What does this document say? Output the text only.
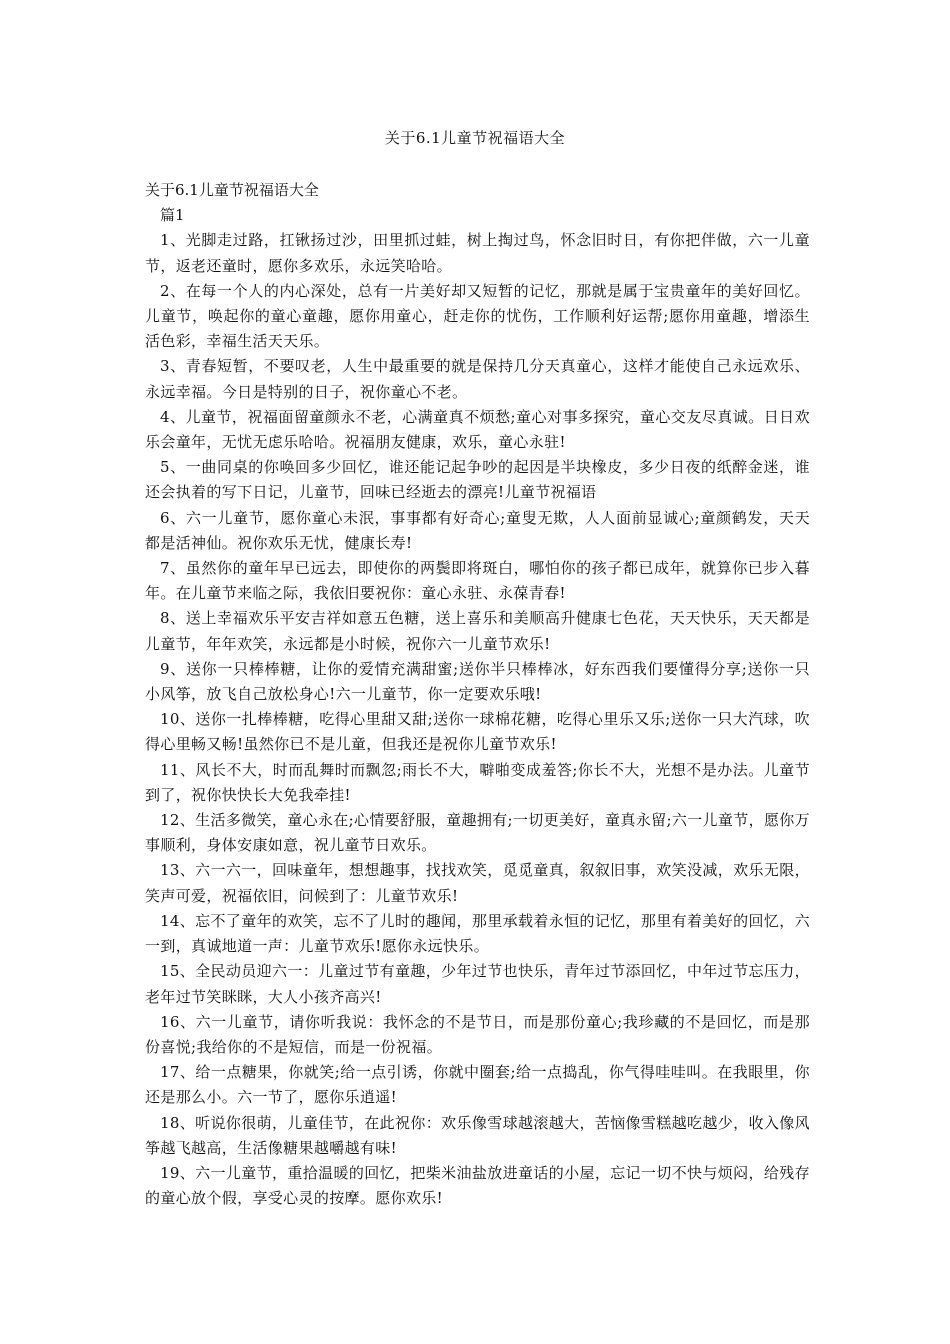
关于6.1儿童节祝福语大全

关于6.1儿童节祝福语大全

篇1

1、光脚走过路，扛锹扬过沙，田里抓过蛙，树上掏过鸟，怀念旧时日，有你把伴做，六一儿童节，返老还童时，愿你多欢乐，永远笑哈哈。

2、在每一个人的内心深处，总有一片美好却又短暂的记忆，那就是属于宝贵童年的美好回忆。儿童节，唤起你的童心童趣，愿你用童心，赶走你的忧伤，工作顺利好运帮;愿你用童趣，增添生活色彩，幸福生活天天乐。

3、青春短暂，不要叹老，人生中最重要的就是保持几分天真童心，这样才能使自己永远欢乐、永远幸福。今日是特别的日子，祝你童心不老。

4、儿童节，祝福面留童颜永不老，心满童真不烦愁;童心对事多探究，童心交友尽真诚。日日欢乐会童年，无忧无虑乐哈哈。祝福朋友健康，欢乐，童心永驻!

5、一曲同桌的你唤回多少回忆，谁还能记起争吵的起因是半块橡皮，多少日夜的纸醉金迷，谁还会执着的写下日记，儿童节，回味已经逝去的漂亮!儿童节祝福语

6、六一儿童节，愿你童心未泯，事事都有好奇心;童叟无欺，人人面前显诚心;童颜鹤发，天天都是活神仙。祝你欢乐无忧，健康长寿!

7、虽然你的童年早已远去，即使你的两鬓即将斑白，哪怕你的孩子都已成年，就算你已步入暮年。在儿童节来临之际，我依旧要祝你：童心永驻、永葆青春!

8、送上幸福欢乐平安吉祥如意五色糖，送上喜乐和美顺高升健康七色花，天天快乐，天天都是儿童节，年年欢笑，永远都是小时候，祝你六一儿童节欢乐!

9、送你一只棒棒糖，让你的爱情充满甜蜜;送你半只棒棒冰，好东西我们要懂得分享;送你一只小风筝，放飞自己放松身心!六一儿童节，你一定要欢乐哦!

10、送你一扎棒棒糖，吃得心里甜又甜;送你一球棉花糖，吃得心里乐又乐;送你一只大汽球，吹得心里畅又畅!虽然你已不是儿童，但我还是祝你儿童节欢乐!

11、风长不大，时而乱舞时而飘忽;雨长不大，噼啪变成羞答;你长不大，光想不是办法。儿童节到了，祝你快快长大免我牵挂!

12、生活多微笑，童心永在;心情要舒服，童趣拥有;一切更美好，童真永留;六一儿童节，愿你万事顺利，身体安康如意，祝儿童节日欢乐。

13、六一六一，回味童年，想想趣事，找找欢笑，觅觅童真，叙叙旧事，欢笑没减，欢乐无限，笑声可爱，祝福依旧，问候到了：儿童节欢乐!

14、忘不了童年的欢笑，忘不了儿时的趣闻，那里承载着永恒的记忆，那里有着美好的回忆，六一到，真诚地道一声：儿童节欢乐!愿你永远快乐。

15、全民动员迎六一：儿童过节有童趣，少年过节也快乐，青年过节添回忆，中年过节忘压力，老年过节笑眯眯，大人小孩齐高兴!

16、六一儿童节，请你听我说：我怀念的不是节日，而是那份童心;我珍藏的不是回忆，而是那份喜悦;我给你的不是短信，而是一份祝福。

17、给一点糖果，你就笑;给一点引诱，你就中圈套;给一点捣乱，你气得哇哇叫。在我眼里，你还是那么小。六一节了，愿你乐逍遥!

18、听说你很萌，儿童佳节，在此祝你：欢乐像雪球越滚越大，苦恼像雪糕越吃越少，收入像风筝越飞越高，生活像糖果越嚼越有味!

19、六一儿童节，重拾温暖的回忆，把柴米油盐放进童话的小屋，忘记一切不快与烦闷，给残存的童心放个假，享受心灵的按摩。愿你欢乐!
